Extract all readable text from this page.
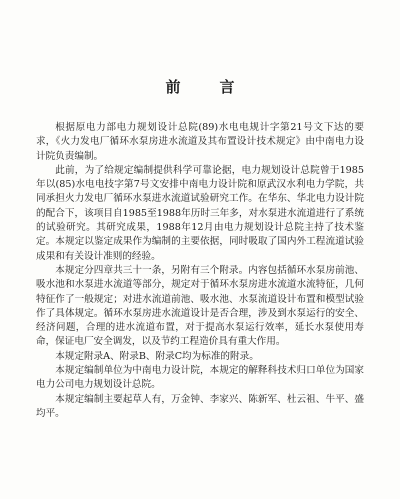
前　言

根据原电力部电力规划设计总院(89)水电电规计字第21号文下达的要求，《火力发电厂循环水泵房进水流道及其布置设计技术规定》由中南电力设计院负责编制。

此前，为了给规定编制提供科学可靠论据，电力规划设计总院曾于1985年以(85)水电电技字第7号文安排中南电力设计院和原武汉水利电力学院，共同承担火力发电厂循环水泵进水流道试验研究工作。在华东、华北电力设计院的配合下，该项目自1985至1988年历时三年多，对水泵进水流道进行了系统的试验研究。其研究成果，1988年12月由电力规划设计总院主持了技术鉴定。本规定以鉴定成果作为编制的主要依据，同时吸取了国内外工程流道试验成果和有关设计准则的经验。

本规定分四章共三十一条，另附有三个附录。内容包括循环水泵房前池、吸水池和水泵进水流道等部分，规定对于循环水泵房进水流道水流特征，几何特征作了一般规定；对进水流道前池、吸水池、水泵流道设计布置和模型试验作了具体规定。循环水泵房进水流道设计是否合理，涉及到水泵运行的安全、经济问题，合理的进水流道布置，对于提高水泵运行效率，延长水泵使用寿命，保证电厂安全调发，以及节约工程造价具有重大作用。

本规定附录A、附录B、附录C均为标准的附录。

本规定编制单位为中南电力设计院，本规定的解释科技术归口单位为国家电力公司电力规划设计总院。

本规定编制主要起草人有，万金钟、李家兴、陈新军、杜云祖、牛平、盛均平。
